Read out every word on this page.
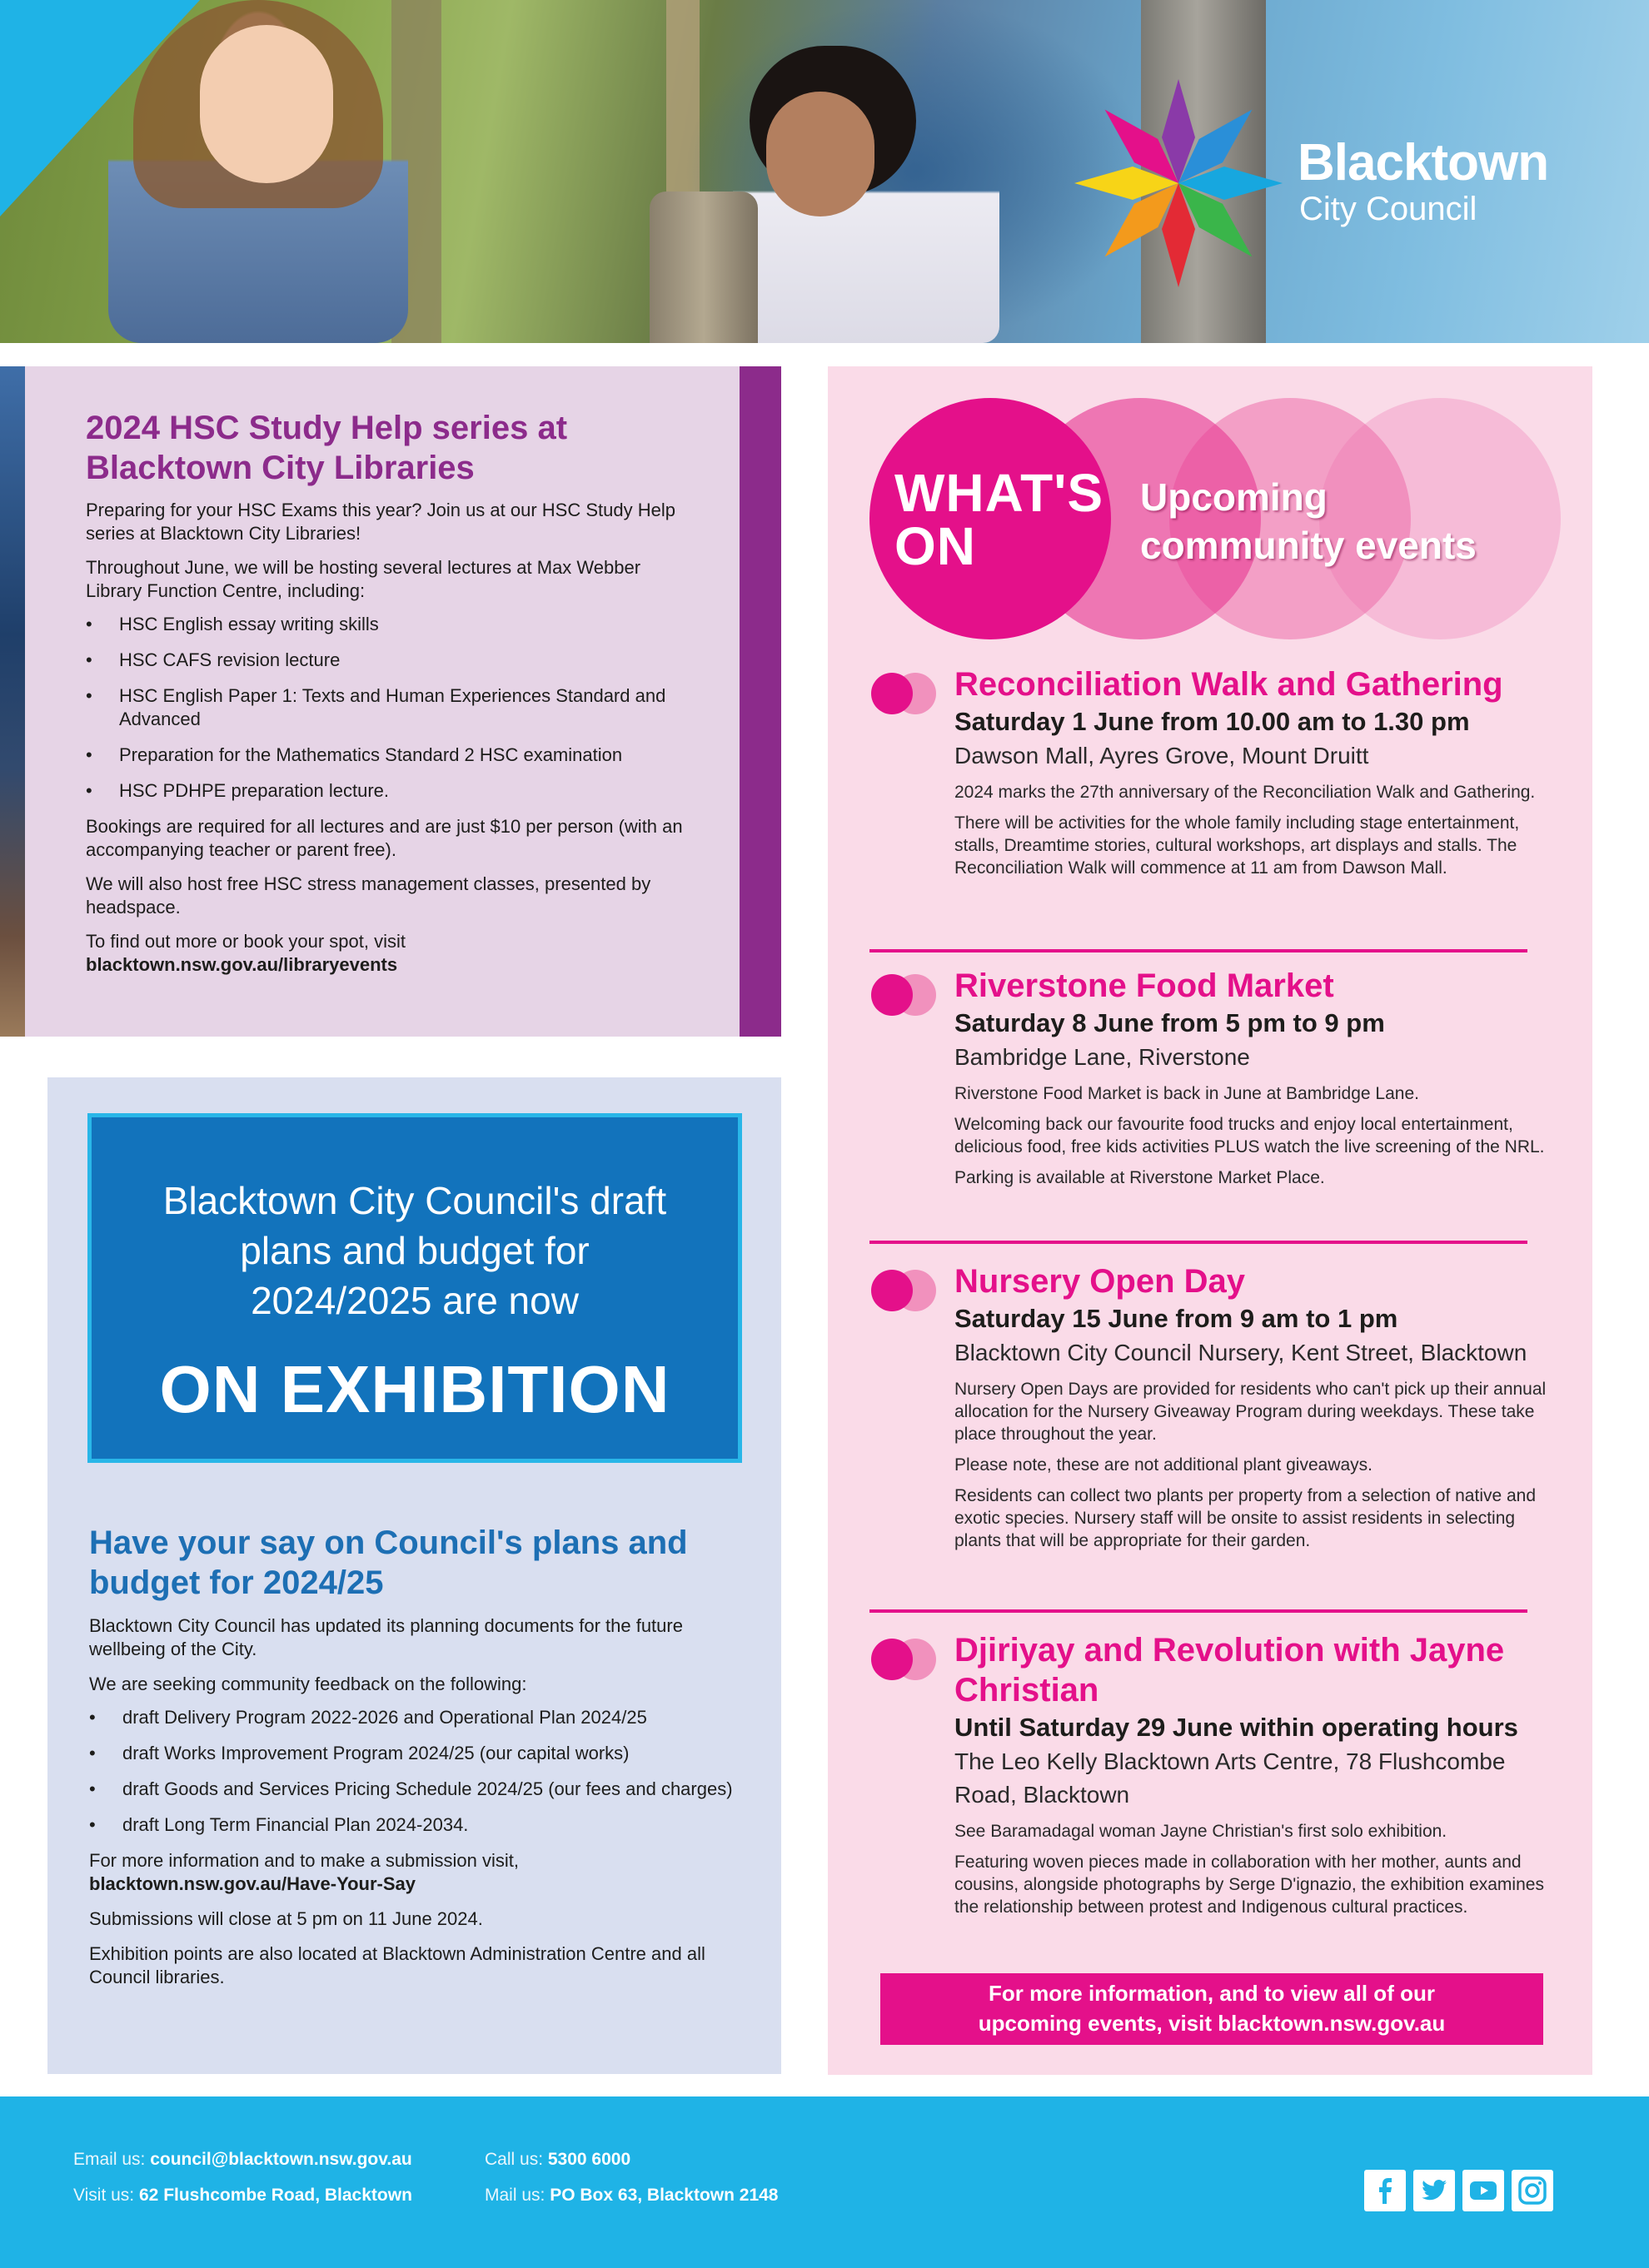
Blacktown
City Council
2024 HSC Study Help series at Blacktown City Libraries

Preparing for your HSC Exams this year? Join us at our HSC Study Help series at Blacktown City Libraries!

Throughout June, we will be hosting several lectures at Max Webber Library Function Centre, including:

• HSC English essay writing skills
• HSC CAFS revision lecture
• HSC English Paper 1: Texts and Human Experiences Standard and Advanced
• Preparation for the Mathematics Standard 2 HSC examination
• HSC PDHPE preparation lecture.

Bookings are required for all lectures and are just $10 per person (with an accompanying teacher or parent free).

We will also host free HSC stress management classes, presented by headspace.

To find out more or book your spot, visit
blacktown.nsw.gov.au/libraryevents

Blacktown City Council's draft plans and budget for 2024/2025 are now
ON EXHIBITION
Have your say on Council's plans and budget for 2024/25

Blacktown City Council has updated its planning documents for the future wellbeing of the City.

We are seeking community feedback on the following:

• draft Delivery Program 2022-2026 and Operational Plan 2024/25
• draft Works Improvement Program 2024/25 (our capital works)
• draft Goods and Services Pricing Schedule 2024/25 (our fees and charges)
• draft Long Term Financial Plan 2024-2034.

For more information and to make a submission visit,
blacktown.nsw.gov.au/Have-Your-Say

Submissions will close at 5 pm on 11 June 2024.

Exhibition points are also located at Blacktown Administration Centre and all Council libraries.

WHAT'S
ON
Upcoming
community events
Reconciliation Walk and Gathering
Saturday 1 June from 10.00 am to 1.30 pm
Dawson Mall, Ayres Grove, Mount Druitt

2024 marks the 27th anniversary of the Reconciliation Walk and Gathering.

There will be activities for the whole family including stage entertainment, stalls, Dreamtime stories, cultural workshops, art displays and stalls. The Reconciliation Walk will commence at 11 am from Dawson Mall.

Riverstone Food Market
Saturday 8 June from 5 pm to 9 pm
Bambridge Lane, Riverstone

Riverstone Food Market is back in June at Bambridge Lane.

Welcoming back our favourite food trucks and enjoy local entertainment, delicious food, free kids activities PLUS watch the live screening of the NRL.

Parking is available at Riverstone Market Place.

Nursery Open Day
Saturday 15 June from 9 am to 1 pm
Blacktown City Council Nursery, Kent Street, Blacktown

Nursery Open Days are provided for residents who can't pick up their annual allocation for the Nursery Giveaway Program during weekdays. These take place throughout the year.

Please note, these are not additional plant giveaways.

Residents can collect two plants per property from a selection of native and exotic species. Nursery staff will be onsite to assist residents in selecting plants that will be appropriate for their garden.

Djiriyay and Revolution with Jayne Christian
Until Saturday 29 June within operating hours
The Leo Kelly Blacktown Arts Centre, 78 Flushcombe Road, Blacktown

See Baramadagal woman Jayne Christian's first solo exhibition.

Featuring woven pieces made in collaboration with her mother, aunts and cousins, alongside photographs by Serge D'ignazio, the exhibition examines the relationship between protest and Indigenous cultural practices.

For more information, and to view all of our
upcoming events, visit blacktown.nsw.gov.au
Email us: council@blacktown.nsw.gov.au
Visit us: 62 Flushcombe Road, Blacktown
Call us: 5300 6000
Mail us: PO Box 63, Blacktown 2148
